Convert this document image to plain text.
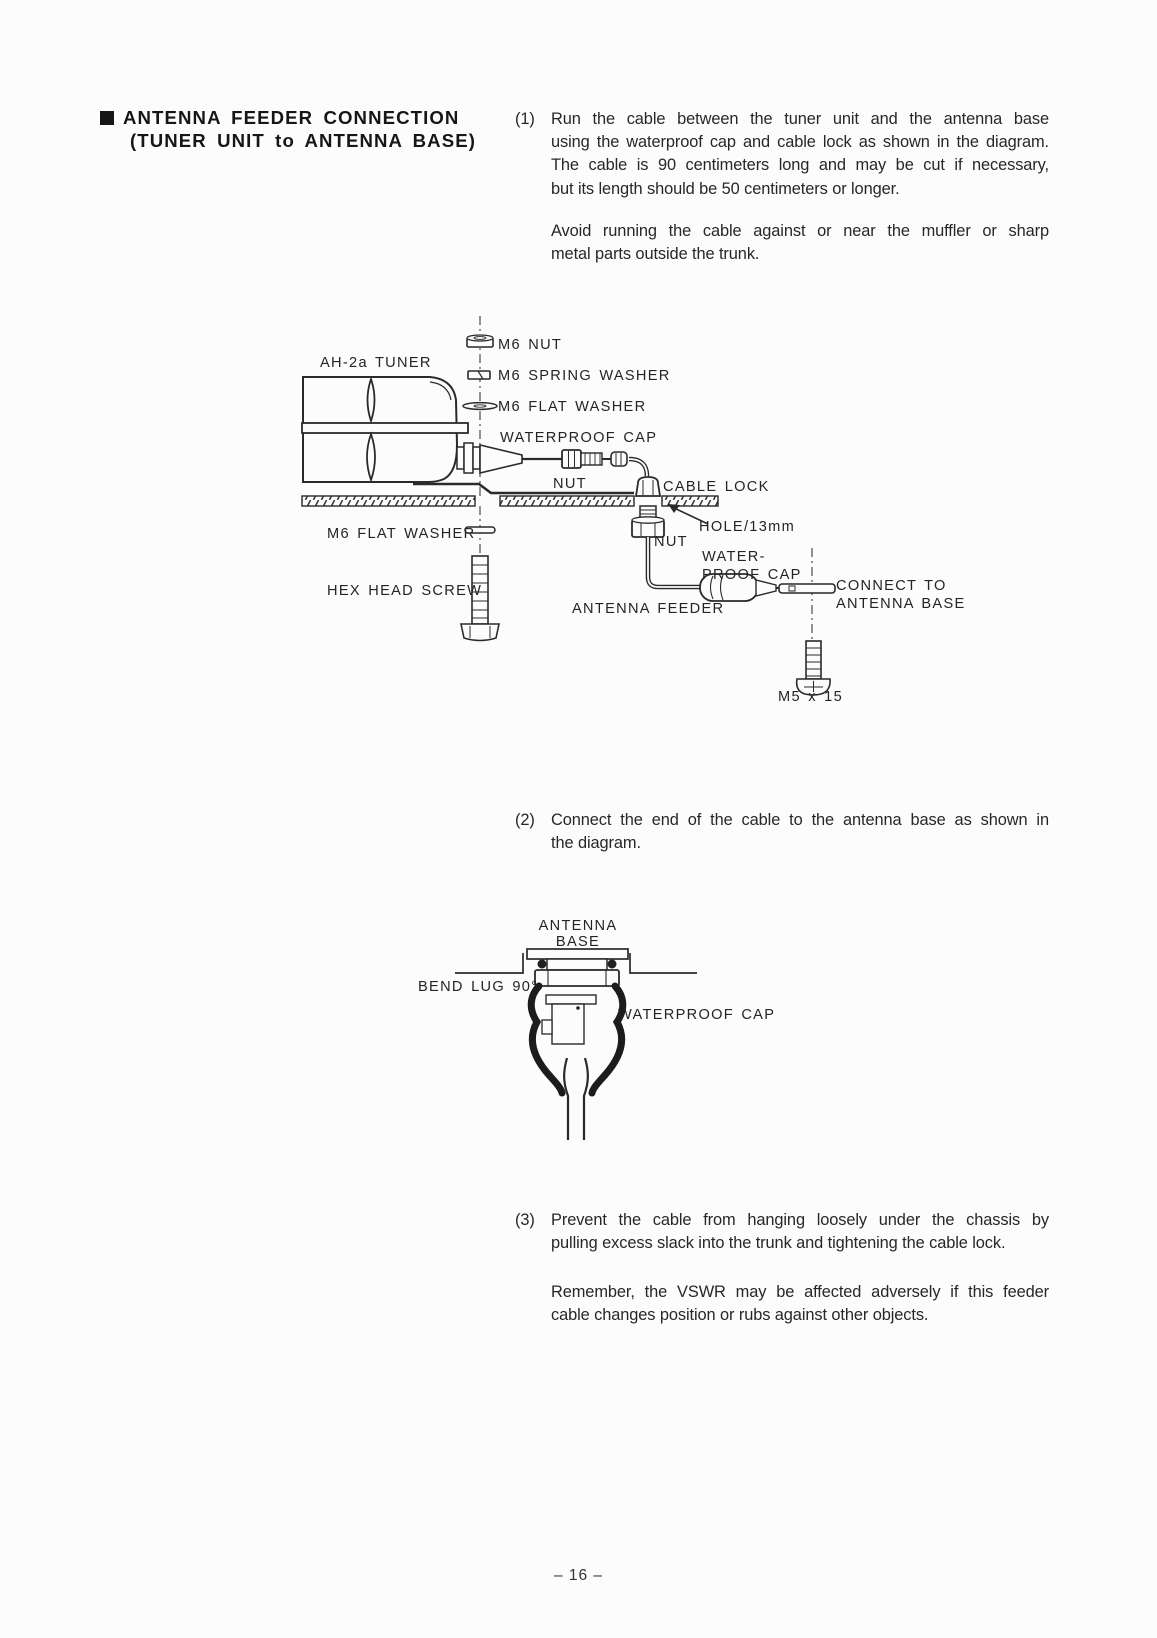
ANTENNA FEEDER CONNECTION
(TUNER UNIT to ANTENNA BASE)
(1) Run the cable between the tuner unit and the antenna base
using the waterproof cap and cable lock as shown in the diagram.
The cable is 90 centimeters long and may be cut if necessary,
but its length should be 50 centimeters or longer.
Avoid running the cable against or near the muffler or sharp
metal parts outside the trunk.
AH-2a TUNER
M6 NUT
M6 SPRING WASHER
M6 FLAT WASHER
WATERPROOF CAP
NUT	CABLE LOCK
M6 FLAT WASHER	HOLE/13mm
NUT
WATER-
PROOF CAP
HEX HEAD SCREW
ANTENNA FEEDER
CONNECT TO
ANTENNA BASE
M5 x 15
(2) Connect the end of the cable to the antenna base as shown in
the diagram.
ANTENNA
BASE
BEND LUG 90°
WATERPROOF CAP
(3) Prevent the cable from hanging loosely under the chassis by
pulling excess slack into the trunk and tightening the cable lock.
Remember, the VSWR may be affected adversely if this feeder
cable changes position or rubs against other objects.
– 16 –
